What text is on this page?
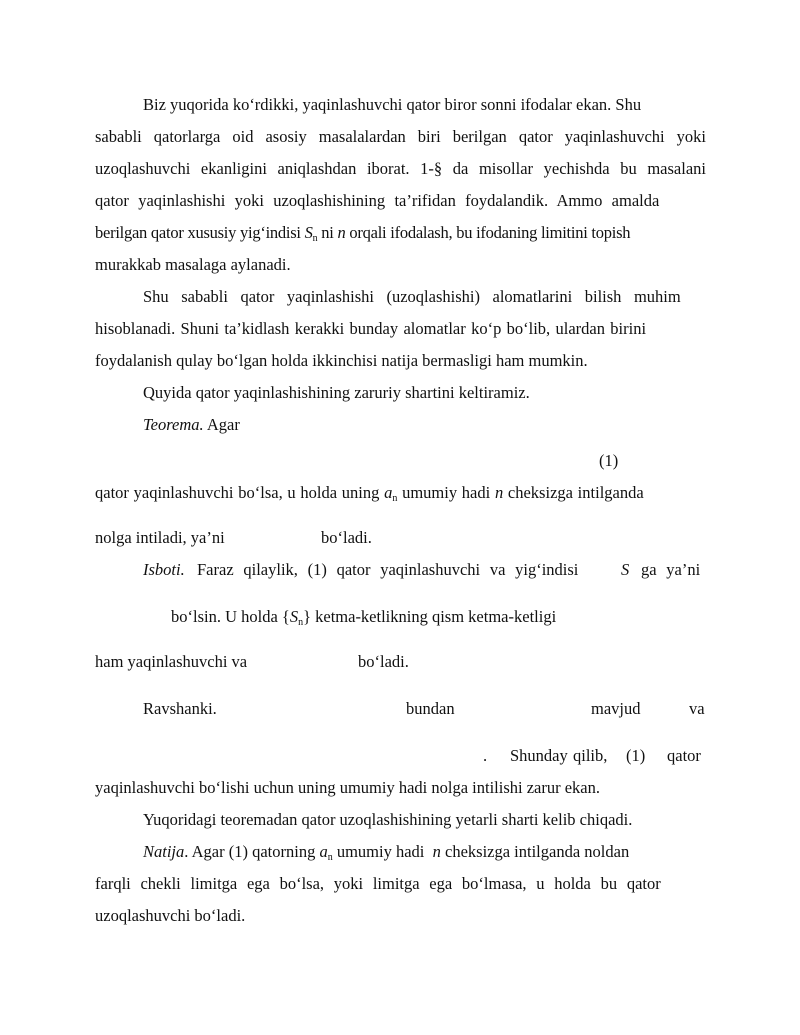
Biz yuqorida ko‘rdikki, yaqinlashuvchi qator biror sonni ifodalar ekan. Shu
sababli qatorlarga oid asosiy masalalardan biri berilgan qator yaqinlashuvchi yoki
uzoqlashuvchi ekanligini aniqlashdan iborat. 1-§ da misollar yechishda bu masalani
qator yaqinlashishi yoki uzoqlashishining ta’rifidan foydalandik. Ammo amalda
berilgan qator xususiy yig‘indisi $S_n$ ni n orqali ifodalash, bu ifodaning limitini topish
murakkab masalaga aylanadi.
Shu sababli qator yaqinlashishi (uzoqlashishi) alomatlarini bilish muhim
hisoblanadi. Shuni ta’kidlash kerakki bunday alomatlar ko‘p bo‘lib, ulardan birini
foydalanish qulay bo‘lgan holda ikkinchisi natija bermasligi ham mumkin.
Quyida qator yaqinlashishining zaruriy shartini keltiramiz.
Teorema. Agar
(1)
qator yaqinlashuvchi bo‘lsa, u holda uning $a_n$ umumiy hadi n cheksizga intilganda
nolga intiladi, ya’ni	bo‘ladi.
Isboti. Faraz qilaylik, (1) qator yaqinlashuvchi va yig‘indisi	S ga ya’ni
bo‘lsin. U holda $\{S_n\}$ ketma-ketlikning qism ketma-ketligi
ham yaqinlashuvchi va	bo‘ladi.
Ravshanki.	bundan	mavjud	va
. Shunday qilib, (1) qator
yaqinlashuvchi bo‘lishi uchun uning umumiy hadi nolga intilishi zarur ekan.
Yuqoridagi teoremadan qator uzoqlashishining yetarli sharti kelib chiqadi.
Natija. Agar (1) qatorning $a_n$ umumiy hadi  n cheksizga intilganda noldan
farqli chekli limitga ega bo‘lsa, yoki limitga ega bo‘lmasa, u holda bu qator
uzoqlashuvchi bo‘ladi.
